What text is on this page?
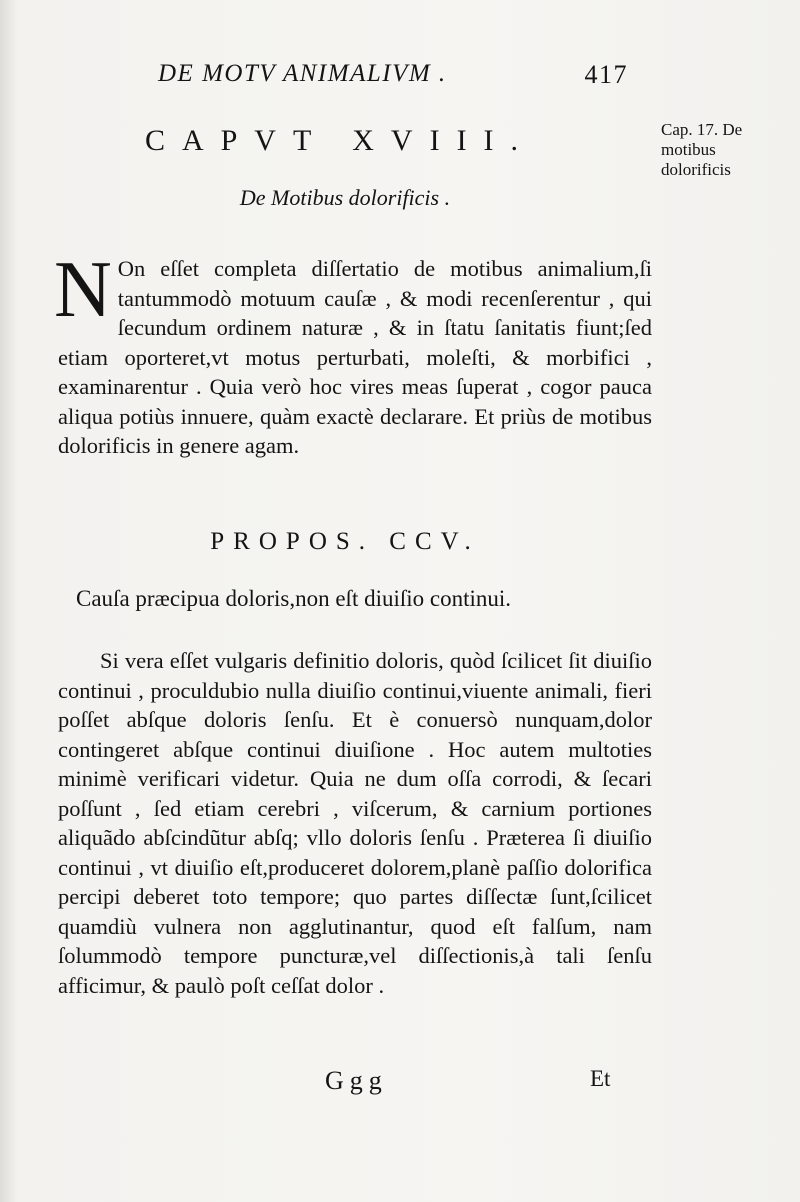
DE MOTV ANIMALIVM .	417
CAPVT XVIII.
De Motibus dolorificis .
Cap. 17. De motibus dolorificis
N On eſſet completa diſſertatio de motibus animalium,ſi tantummodò motuum cauſæ , & modi recenſerentur , qui ſecundum ordinem naturæ , & in ſtatu ſanitatis fiunt;ſed etiam oporteret,vt motus perturbati, moleſti, & morbifici , examinarentur . Quia verò hoc vires meas ſuperat , cogor pauca aliqua potiùs innuere, quàm exactè declarare. Et priùs de motibus dolorificis in genere agam.
PROPOS. CCV.
Cauſa præcipua doloris,non eſt diuiſio continui.
Si vera eſſet vulgaris definitio doloris, quòd ſcilicet ſit diuiſio continui , proculdubio nulla diuiſio continui,viuente animali, fieri poſſet abſque doloris ſenſu. Et è conuersò nunquam,dolor contingeret abſque continui diuiſione . Hoc autem multoties minimè verificari videtur. Quia ne dum oſſa corrodi, & ſecari poſſunt , ſed etiam cerebri , viſcerum, & carnium portiones aliquãdo abſcindũtur abſq; vllo doloris ſenſu . Præterea ſi diuiſio continui , vt diuiſio eſt,produceret dolorem,planè paſſio dolorifica percipi deberet toto tempore; quo partes diſſectæ ſunt,ſcilicet quamdiù vulnera non agglutinantur, quod eſt falſum, nam ſolummodò tempore puncturæ,vel diſſectionis,à tali ſenſu afficimur, & paulò poſt ceſſat dolor .
Ggg	Et
